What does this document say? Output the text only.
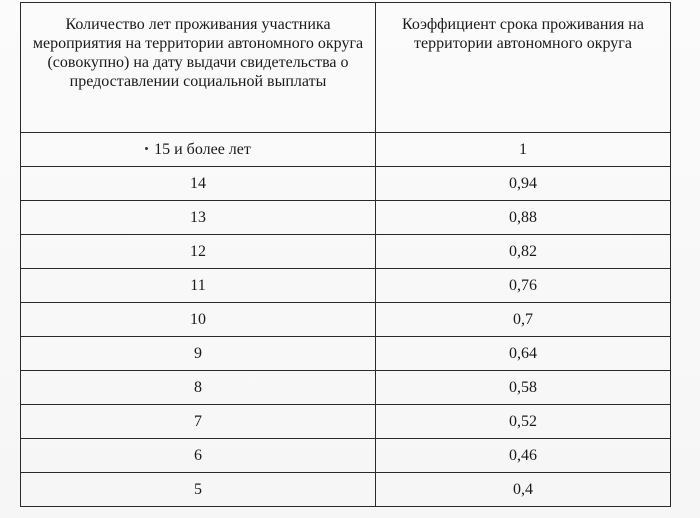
Количество лет проживания участника мероприятия на территории автономного округа (совокупно) на дату выдачи свидетельства о предоставлении социальной выплаты	Коэффициент срока проживания на территории автономного округа
15 и более лет	1
14	0,94
13	0,88
12	0,82
11	0,76
10	0,7
9	0,64
8	0,58
7	0,52
6	0,46
5	0,4
